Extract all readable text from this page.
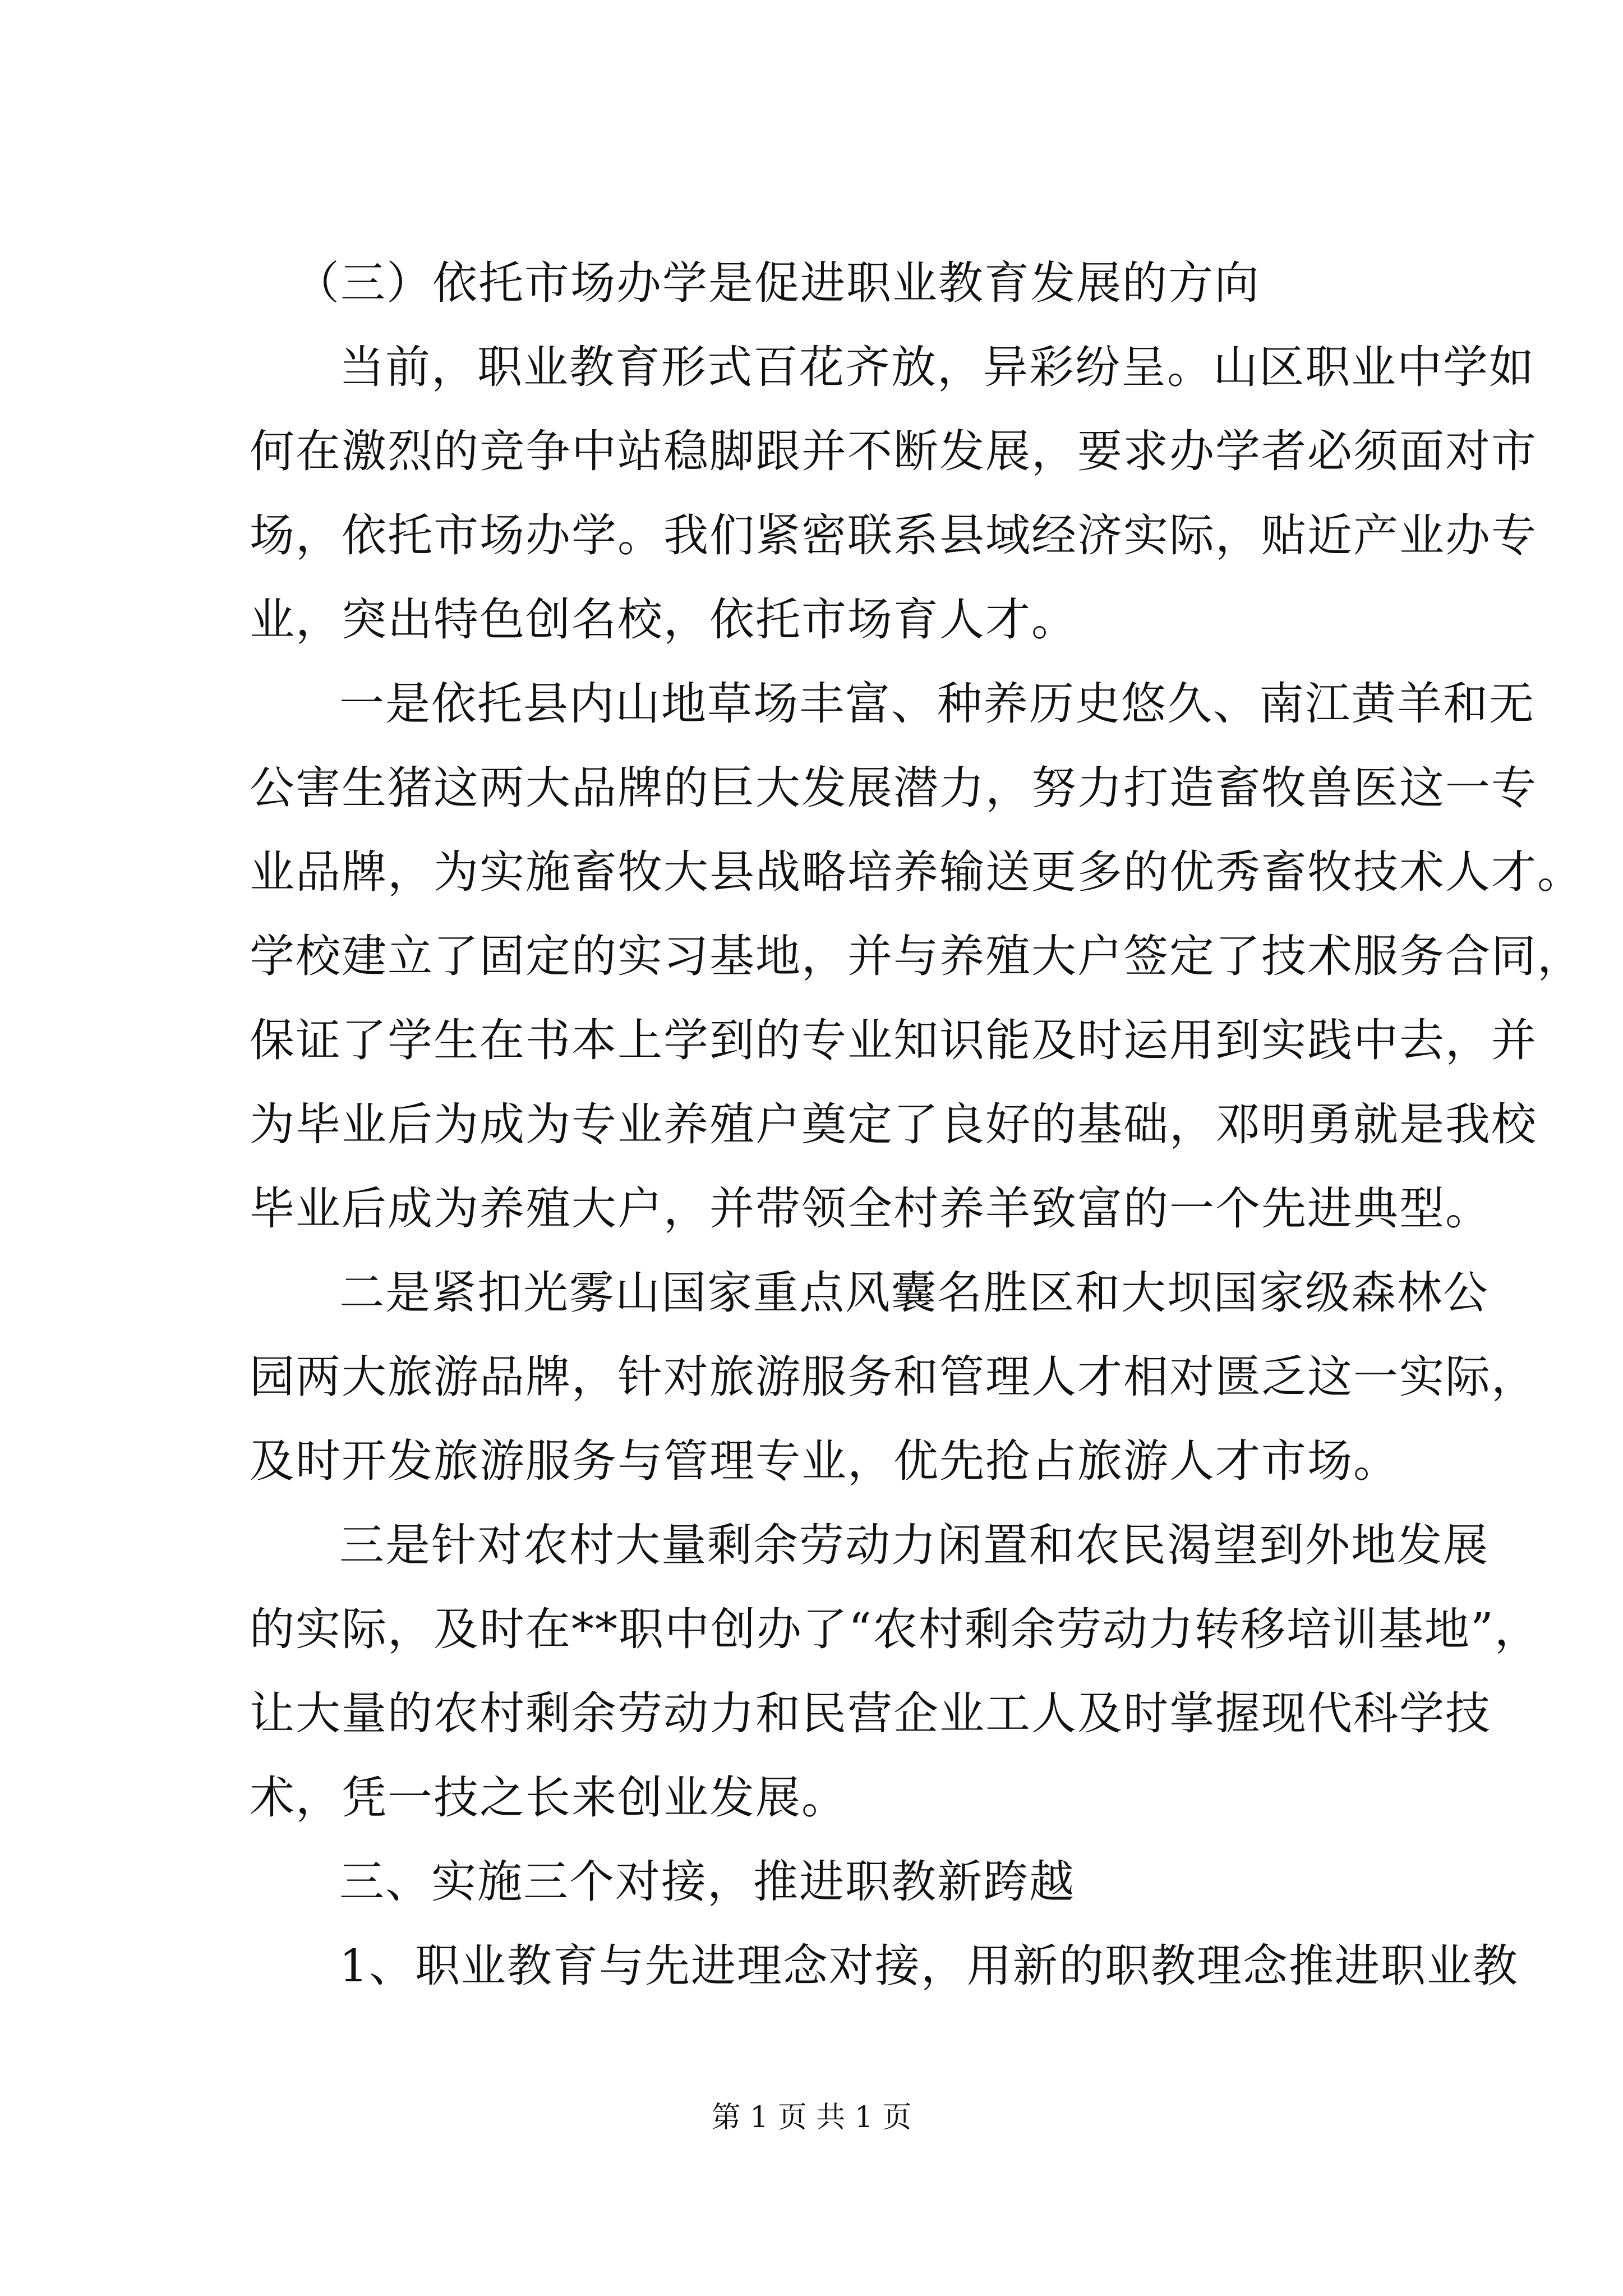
（三）依托市场办学是促进职业教育发展的方向
当前，职业教育形式百花齐放，异彩纷呈。山区职业中学如
何在激烈的竞争中站稳脚跟并不断发展，要求办学者必须面对市
场，依托市场办学。我们紧密联系县域经济实际，贴近产业办专
业，突出特色创名校，依托市场育人才。
一是依托县内山地草场丰富、种养历史悠久、南江黄羊和无
公害生猪这两大品牌的巨大发展潜力，努力打造畜牧兽医这一专
业品牌，为实施畜牧大县战略培养输送更多的优秀畜牧技术人才。
学校建立了固定的实习基地，并与养殖大户签定了技术服务合同，
保证了学生在书本上学到的专业知识能及时运用到实践中去，并
为毕业后为成为专业养殖户奠定了良好的基础，邓明勇就是我校
毕业后成为养殖大户，并带领全村养羊致富的一个先进典型。
二是紧扣光雾山国家重点风囊名胜区和大坝国家级森林公
园两大旅游品牌，针对旅游服务和管理人才相对匮乏这一实际，
及时开发旅游服务与管理专业，优先抢占旅游人才市场。
三是针对农村大量剩余劳动力闲置和农民渴望到外地发展
的实际，及时在**职中创办了“农村剩余劳动力转移培训基地”，
让大量的农村剩余劳动力和民营企业工人及时掌握现代科学技
术，凭一技之长来创业发展。
三、实施三个对接，推进职教新跨越
1、职业教育与先进理念对接，用新的职教理念推进职业教
第 1 页 共 1 页
